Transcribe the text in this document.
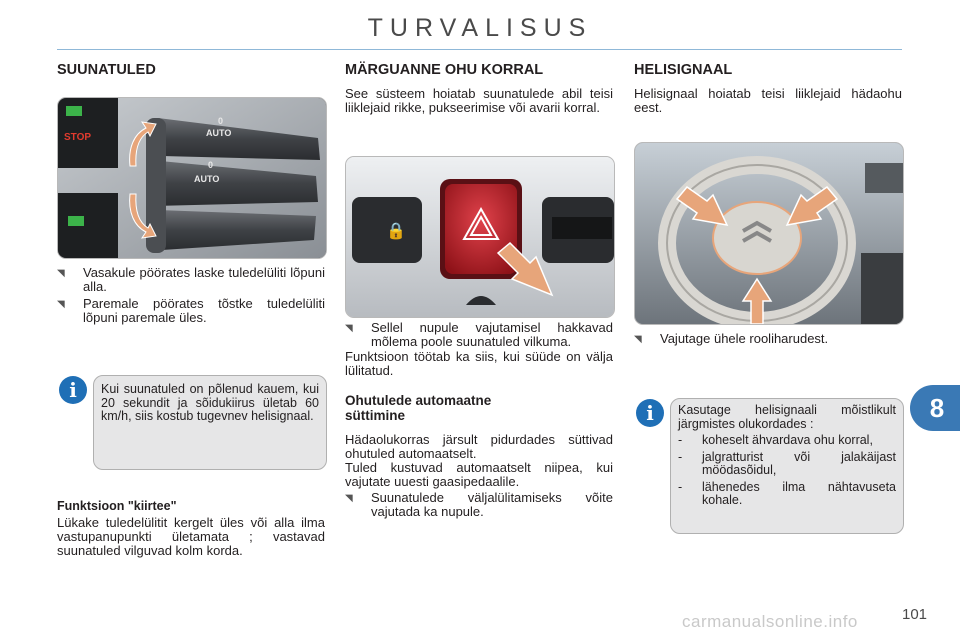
TURVALISUS
SUUNATULED
STOP	AUTO
0
AUTO
0
◥	Vasakule pöörates laske tuledelüliti lõpuni alla.
◥	Paremale pöörates tõstke tuledelüliti lõpuni paremale üles.
i	Kui suunatuled on põlenud kauem, kui 20 sekundit ja sõidukiirus ületab 60 km/h, siis kostub tugevnev helisignaal.
Funktsioon "kiirtee"
Lükake tuledelülitit kergelt üles või alla ilma vastupanupunkti ületamata ; vastavad suunatuled vilguvad kolm korda.
MÄRGUANNE OHU KORRAL
See süsteem hoiatab suunatulede abil teisi liiklejaid rikke, pukseerimise või avarii korral.
🔒
◥	Sellel nupule vajutamisel hakkavad mõlema poole suunatuled vilkuma.
Funktsioon töötab ka siis, kui süüde on välja lülitatud.
Ohutulede automaatne süttimine
Hädaolukorras järsult pidurdades süttivad ohutuled automaatselt.
Tuled kustuvad automaatselt niipea, kui vajutate uuesti gaasipedaalile.
◥	Suunatulede väljalülitamiseks võite vajutada ka nupule.
HELISIGNAAL
Helisignaal hoiatab teisi liiklejaid hädaohu eest.
◥	Vajutage ühele rooliharudest.
i	Kasutage helisignaali mõistlikult järgmistes olukordades :
-	koheselt ähvardava ohu korral,
-	jalgratturist või jalakäijast möödasõidul,
-	lähenedes ilma nähtavuseta kohale.
8
carmanualsonline.info	101
